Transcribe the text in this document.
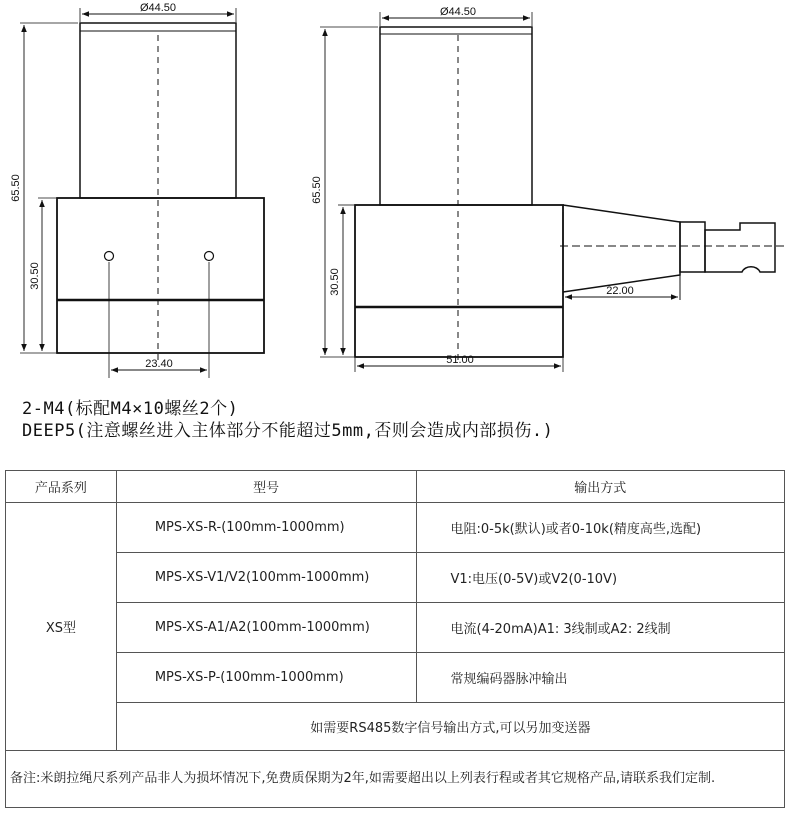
Ø44.50
65.50
30.50
23.40
Ø44.50
65.50
30.50
51.00
22.00
2-M4(标配M4×10螺丝2个)
DEEP5(注意螺丝进入主体部分不能超过5mm,否则会造成内部损伤.)
产品系列	型号	输出方式
XS型	MPS-XS-R-(100mm-1000mm)	电阻:0-5k(默认)或者0-10k(精度高些,选配)
	MPS-XS-V1/V2(100mm-1000mm)	V1:电压(0-5V)或V2(0-10V)
	MPS-XS-A1/A2(100mm-1000mm)	电流(4-20mA)A1: 3线制或A2: 2线制
	MPS-XS-P-(100mm-1000mm)	常规编码器脉冲输出
	如需要RS485数字信号输出方式,可以另加变送器	
备注:米朗拉绳尺系列产品非人为损坏情况下,免费质保期为2年,如需要超出以上列表行程或者其它规格产品,请联系我们定制.		
